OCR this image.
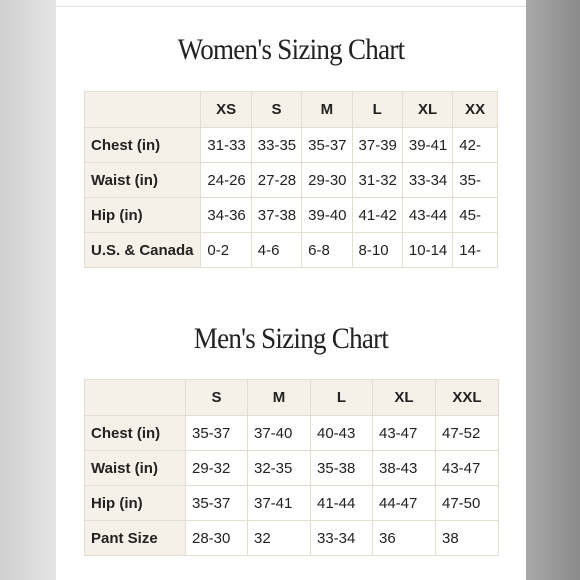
Women's Sizing Chart
	XS	S	M	L	XL	XX
Chest (in)	31-33	33-35	35-37	37-39	39-41	42-
Waist (in)	24-26	27-28	29-30	31-32	33-34	35-
Hip (in)	34-36	37-38	39-40	41-42	43-44	45-
U.S. & Canada	0-2	4-6	6-8	8-10	10-14	14-
Men's Sizing Chart
	S	M	L	XL	XXL
Chest (in)	35-37	37-40	40-43	43-47	47-52
Waist (in)	29-32	32-35	35-38	38-43	43-47
Hip (in)	35-37	37-41	41-44	44-47	47-50
Pant Size	28-30	32	33-34	36	38
